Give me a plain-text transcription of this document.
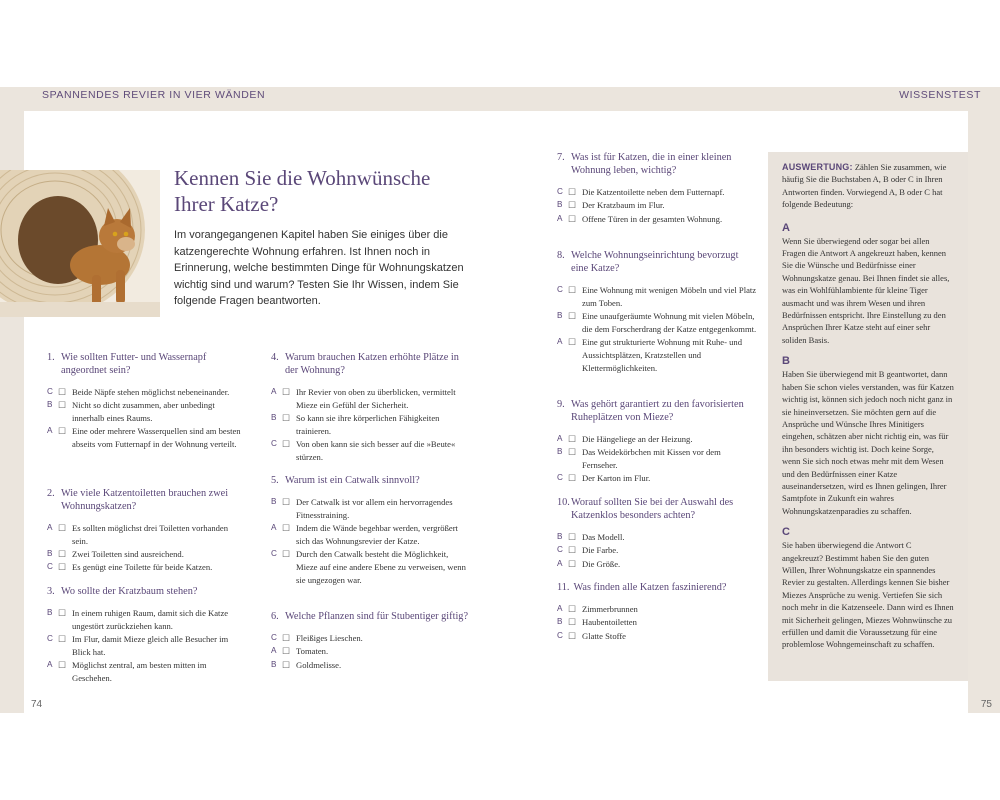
SPANNENDES REVIER IN VIER WÄNDEN	WISSENSTEST
Kennen Sie die Wohnwünsche Ihrer Katze?

Im vorangegangenen Kapitel haben Sie einiges über die katzengerechte Wohnung erfahren. Ist Ihnen noch in Erinnerung, welche bestimmten Dinge für Wohnungskatzen wichtig sind und warum? Testen Sie Ihr Wissen, indem Sie folgende Fragen beantworten.

1. Wie sollten Futter- und Wassernapf angeordnet sein?
C ☐ Beide Näpfe stehen möglichst nebeneinander.
B ☐ Nicht so dicht zusammen, aber unbedingt innerhalb eines Raums.
A ☐ Eine oder mehrere Wasserquellen sind am besten abseits vom Futternapf in der Wohnung verteilt.
2. Wie viele Katzentoiletten brauchen zwei Wohnungskatzen?
A ☐ Es sollten möglichst drei Toiletten vorhanden sein.
B ☐ Zwei Toiletten sind ausreichend.
C ☐ Es genügt eine Toilette für beide Katzen.
3. Wo sollte der Kratzbaum stehen?
B ☐ In einem ruhigen Raum, damit sich die Katze ungestört zurückziehen kann.
C ☐ Im Flur, damit Mieze gleich alle Besucher im Blick hat.
A ☐ Möglichst zentral, am besten mitten im Geschehen.
4. Warum brauchen Katzen erhöhte Plätze in der Wohnung?
A ☐ Ihr Revier von oben zu überblicken, vermittelt Mieze ein Gefühl der Sicherheit.
B ☐ So kann sie ihre körperlichen Fähigkeiten trainieren.
C ☐ Von oben kann sie sich besser auf die »Beute« stürzen.
5. Warum ist ein Catwalk sinnvoll?
B ☐ Der Catwalk ist vor allem ein hervorragendes Fitnesstraining.
A ☐ Indem die Wände begehbar werden, vergrößert sich das Wohnungsrevier der Katze.
C ☐ Durch den Catwalk besteht die Möglichkeit, Mieze auf eine andere Ebene zu verweisen, wenn sie ungezogen war.
6. Welche Pflanzen sind für Stubentiger giftig?
C ☐ Fleißiges Lieschen.
A ☐ Tomaten.
B ☐ Goldmelisse.
7. Was ist für Katzen, die in einer kleinen Wohnung leben, wichtig?
C ☐ Die Katzentoilette neben dem Futternapf.
B ☐ Der Kratzbaum im Flur.
A ☐ Offene Türen in der gesamten Wohnung.
8. Welche Wohnungseinrichtung bevorzugt eine Katze?
C ☐ Eine Wohnung mit wenigen Möbeln und viel Platz zum Toben.
B ☐ Eine unaufgeräumte Wohnung mit vielen Möbeln, die dem Forscherdrang der Katze entgegenkommt.
A ☐ Eine gut strukturierte Wohnung mit Ruhe- und Aussichtsplätzen, Kratzstellen und Klettermöglichkeiten.
9. Was gehört garantiert zu den favorisierten Ruheplätzen von Mieze?
A ☐ Die Hängeliege an der Heizung.
B ☐ Das Weidekörbchen mit Kissen vor dem Fernseher.
C ☐ Der Karton im Flur.
10. Worauf sollten Sie bei der Auswahl des Katzenklos besonders achten?
B ☐ Das Modell.
C ☐ Die Farbe.
A ☐ Die Größe.
11. Was finden alle Katzen faszinierend?
A ☐ Zimmerbrunnen
B ☐ Haubentoiletten
C ☐ Glatte Stoffe

AUSWERTUNG: Zählen Sie zusammen, wie häufig Sie die Buchstaben A, B oder C in Ihren Antworten finden. Vorwiegend A, B oder C hat folgende Bedeutung:

A

Wenn Sie überwiegend oder sogar bei allen Fragen die Antwort A angekreuzt haben, kennen Sie die Wünsche und Bedürfnisse einer Wohnungskatze genau. Bei Ihnen findet sie alles, was ein Wohlfühlambiente für kleine Tiger ausmacht und was ihrem Wesen und ihren Bedürfnissen entspricht. Ihre Einstellung zu den Ansprüchen Ihrer Katze steht auf einer sehr soliden Basis.

B

Haben Sie überwiegend mit B geantwortet, dann haben Sie schon vieles verstanden, was für Katzen wichtig ist, können sich jedoch noch nicht ganz in sie hineinversetzen. Sie möchten gern auf die Ansprüche und Wünsche Ihres Minitigers eingehen, schätzen aber nicht richtig ein, was für ihn besonders wichtig ist. Doch keine Sorge, wenn Sie sich noch etwas mehr mit dem Wesen und den Bedürfnissen einer Katze auseinandersetzen, wird es Ihnen gelingen, Ihrer Samtpfote in Zukunft ein wahres Wohnungskatzenparadies zu schaffen.

C

Sie haben überwiegend die Antwort C angekreuzt? Bestimmt haben Sie den guten Willen, Ihrer Wohnungskatze ein spannendes Revier zu gestalten. Allerdings kennen Sie bisher Miezes Ansprüche zu wenig. Vertiefen Sie sich noch mehr in die Katzenseele. Dann wird es Ihnen mit Sicherheit gelingen, Miezes Wohnwünsche zu erfüllen und damit die Voraussetzung für eine problemlose Wohngemeinschaft zu schaffen.

74	75
